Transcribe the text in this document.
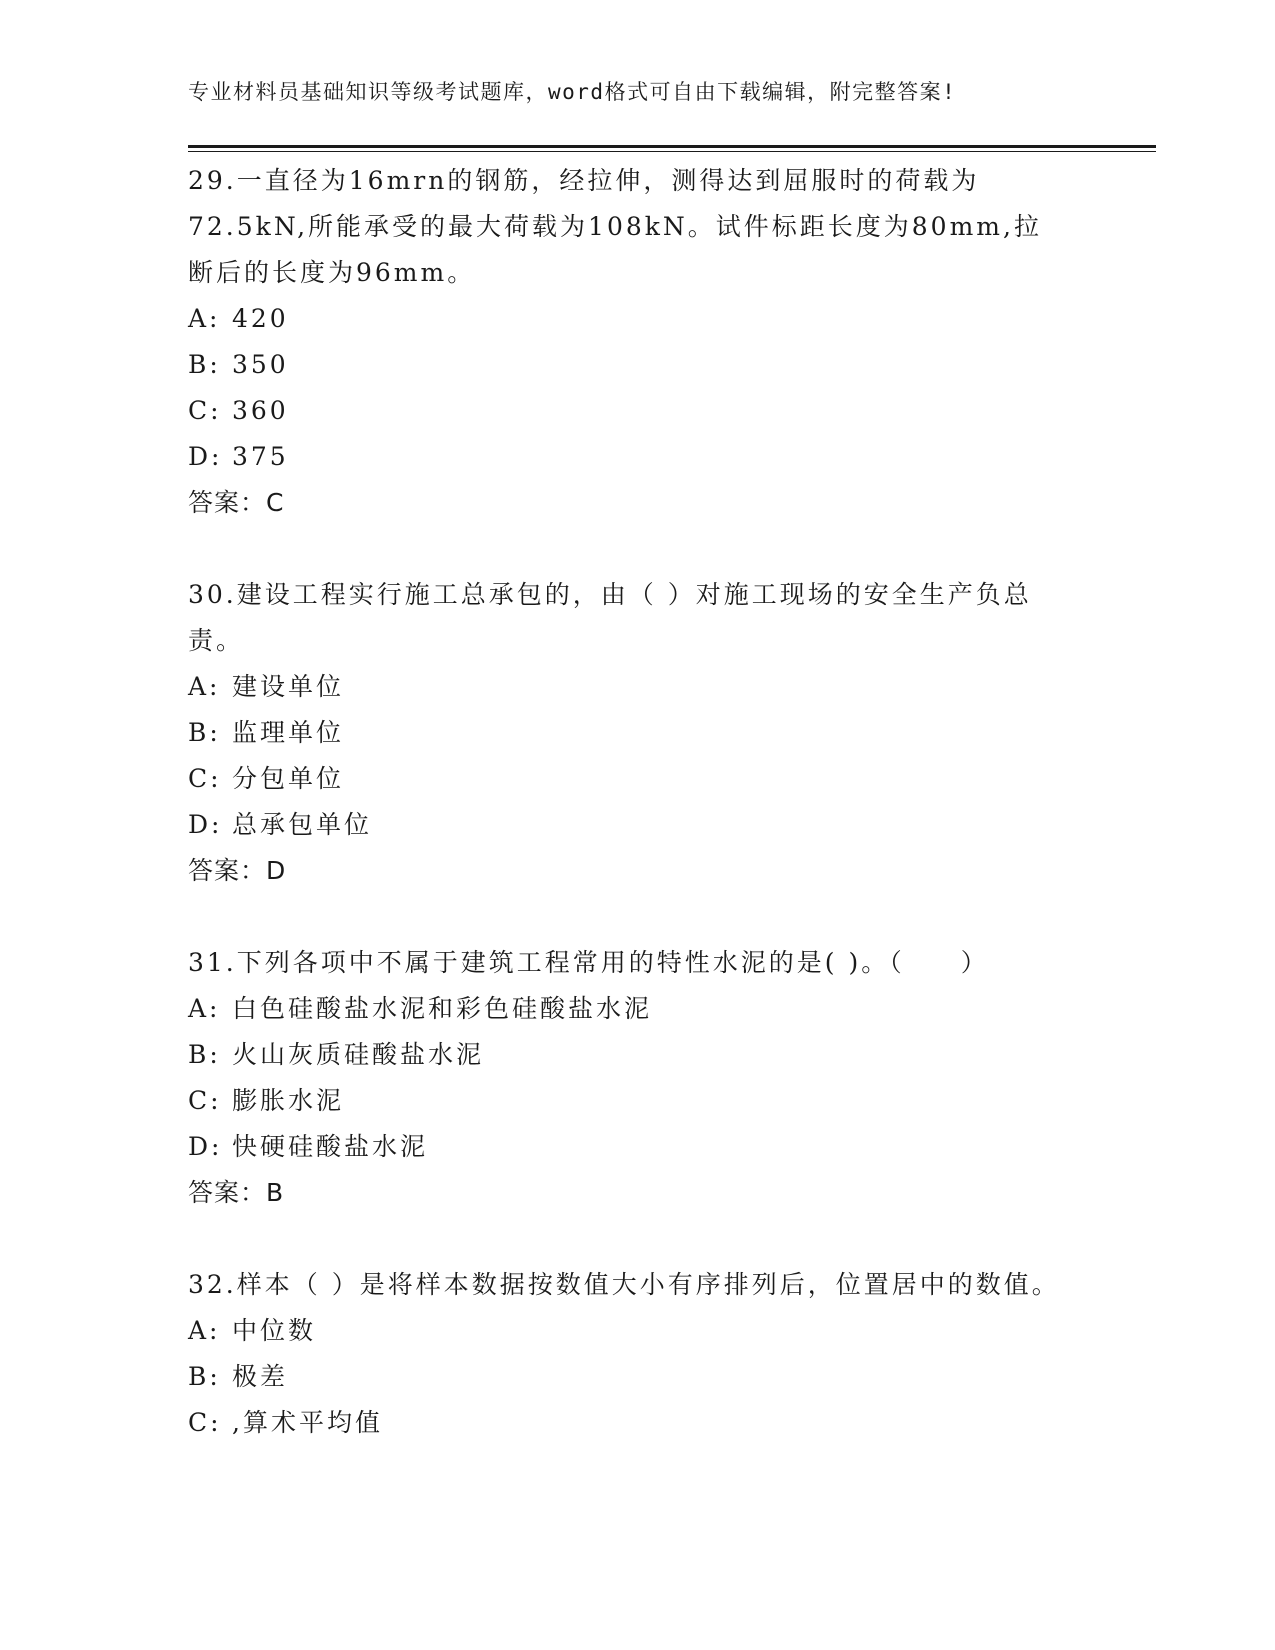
专业材料员基础知识等级考试题库，word格式可自由下载编辑，附完整答案!
29.一直径为16mrn的钢筋，经拉伸，测得达到屈服时的荷载为72.5kN,所能承受的最大荷载为108kN。试件标距长度为80mm,拉断后的长度为96mm。
A: 420
B: 350
C: 360
D: 375
答案：C
30.建设工程实行施工总承包的，由（ ）对施工现场的安全生产负总责。
A: 建设单位
B: 监理单位
C: 分包单位
D: 总承包单位
答案：D
31.下列各项中不属于建筑工程常用的特性水泥的是( )。（　　）
A: 白色硅酸盐水泥和彩色硅酸盐水泥
B: 火山灰质硅酸盐水泥
C: 膨胀水泥
D: 快硬硅酸盐水泥
答案：B
32.样本（ ）是将样本数据按数值大小有序排列后，位置居中的数值。
A: 中位数
B: 极差
C: ,算术平均值
